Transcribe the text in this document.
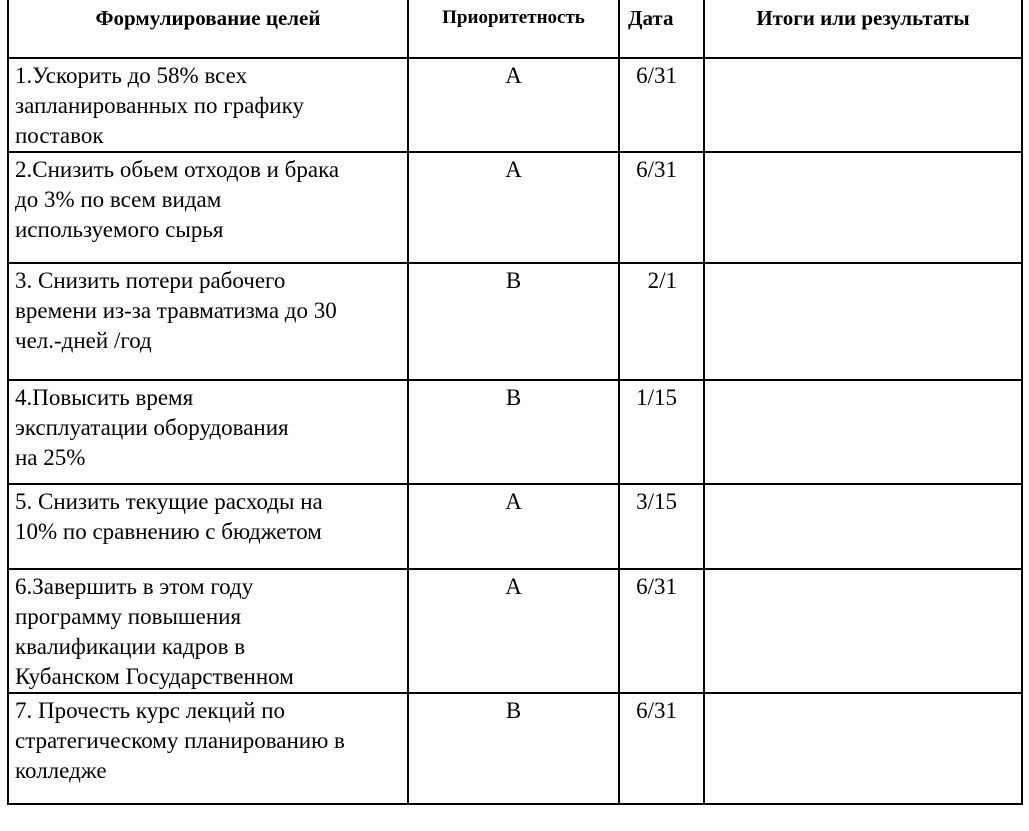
Формулирование целей	Приоритетность	Дата	Итоги или результаты
1.Ускорить до 58% всех
запланированных по графику
поставок	А	6/31	
2.Снизить обьем отходов и брака
до 3% по всем видам
используемого сырья	А	6/31	
3. Снизить потери рабочего
времени из-за травматизма до 30
чел.-дней /год	В	2/1	
4.Повысить время
эксплуатации оборудования
на 25%	В	1/15	
5. Снизить текущие расходы на
10% по сравнению с бюджетом	А	3/15	
6.Завершить в этом году
программу повышения
квалификации кадров в
Кубанском Государственном	А	6/31	
7. Прочесть курс лекций по
стратегическому планированию в
колледже	В	6/31	
